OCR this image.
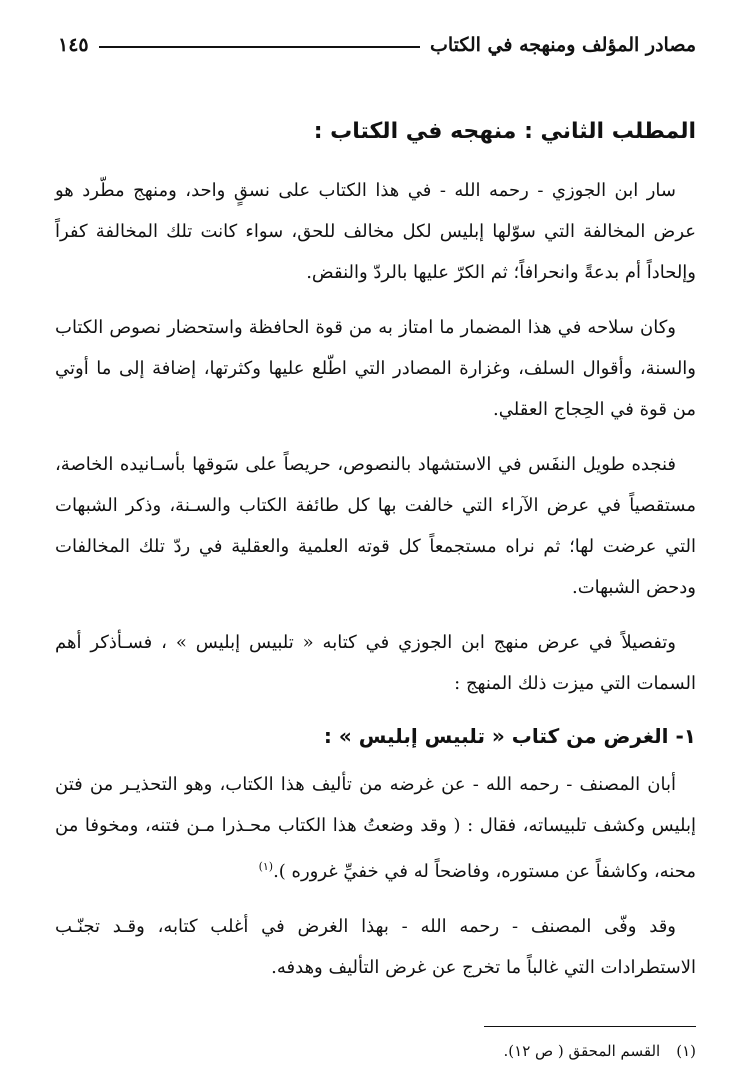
مصادر المؤلف ومنهجه في الكتاب
١٤٥
المطلب الثاني : منهجه في الكتاب :

سار ابن الجوزي - رحمه الله - في هذا الكتاب على نسقٍ واحد، ومنهج مطّرد هو عرض المخالفة التي سوّلها إبليس لكل مخالف للحق، سواء كانت تلك المخالفة كفراً وإلحاداً أم بدعةً وانحرافاً؛ ثم الكرّ عليها بالردّ والنقض.

وكان سلاحه في هذا المضمار ما امتاز به من قوة الحافظة واستحضار نصوص الكتاب والسنة، وأقوال السلف، وغزارة المصادر التي اطّلع عليها وكثرتها، إضافة إلى ما أوتي من قوة في الحِجاج العقلي.

فنجده طويل النفَس في الاستشهاد بالنصوص، حريصاً على سَوقها بأسـانيده الخاصة، مستقصياً في عرض الآراء التي خالفت بها كل طائفة الكتاب والسـنة، وذكر الشبهات التي عرضت لها؛ ثم نراه مستجمعاً كل قوته العلمية والعقلية في ردّ تلك المخالفات ودحض الشبهات.

وتفصيلاً في عرض منهج ابن الجوزي في كتابه « تلبيس إبليس » ، فسـأذكر أهم السمات التي ميزت ذلك المنهج :

١- الغرض من كتاب « تلبيس إبليس » :

أبان المصنف - رحمه الله - عن غرضه من تأليف هذا الكتاب، وهو التحذيـر من فتن إبليس وكشف تلبيساته، فقال : ( وقد وضعتُ هذا الكتاب محـذرا مـن فتنه، ومخوفا من محنه، وكاشفاً عن مستوره، وفاضحاً له في خفيِّ غروره ).$^{(١)}$

وقد وفّى المصنف - رحمه الله - بهذا الغرض في أغلب كتابه، وقـد تجنّـب الاستطرادات التي غالباً ما تخرج عن غرض التأليف وهدفه.

(١)
القسم المحقق ( ص ١٢).
